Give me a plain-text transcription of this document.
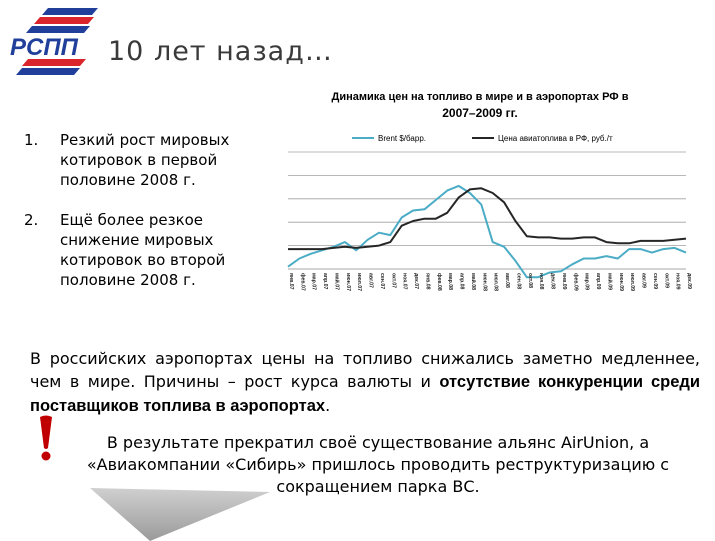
РСПП 10 лет назад…
1.	Резкий рост мировых котировок в первой половине 2008 г.
2.	Ещё более резкое снижение мировых котировок во второй половине 2008 г.
Динамика цен на топливо в мире и в аэропортах РФ в
2007–2009 гг.
Brent $/барр.	Цена авиатоплива в РФ, руб./т
янв.07 фев.07 мар.07 апр.07 май.07 июн.07 июл.07 авг.07 сен.07 окт.07 ноя.07 дек.07 янв.08 фев.08 мар.08 апр.08 май.08 июн.08 июл.08 авг.08 сен.08 окт.08 ноя.08 дек.08 янв.09 фев.09 мар.09 апр.09 май.09 июн.09 июл.09 авг.09 сен.09 окт.09 ноя.09 дек.09
В российских аэропортах цены на топливо снижались заметно медленнее, чем в мире. Причины – рост курса валюты и отсутствие конкуренции среди поставщиков топлива в аэропортах.
В результате прекратил своё существование альянс AirUnion, а «Авиакомпании «Сибирь» пришлось проводить реструктуризацию с сокращением парка ВС.
